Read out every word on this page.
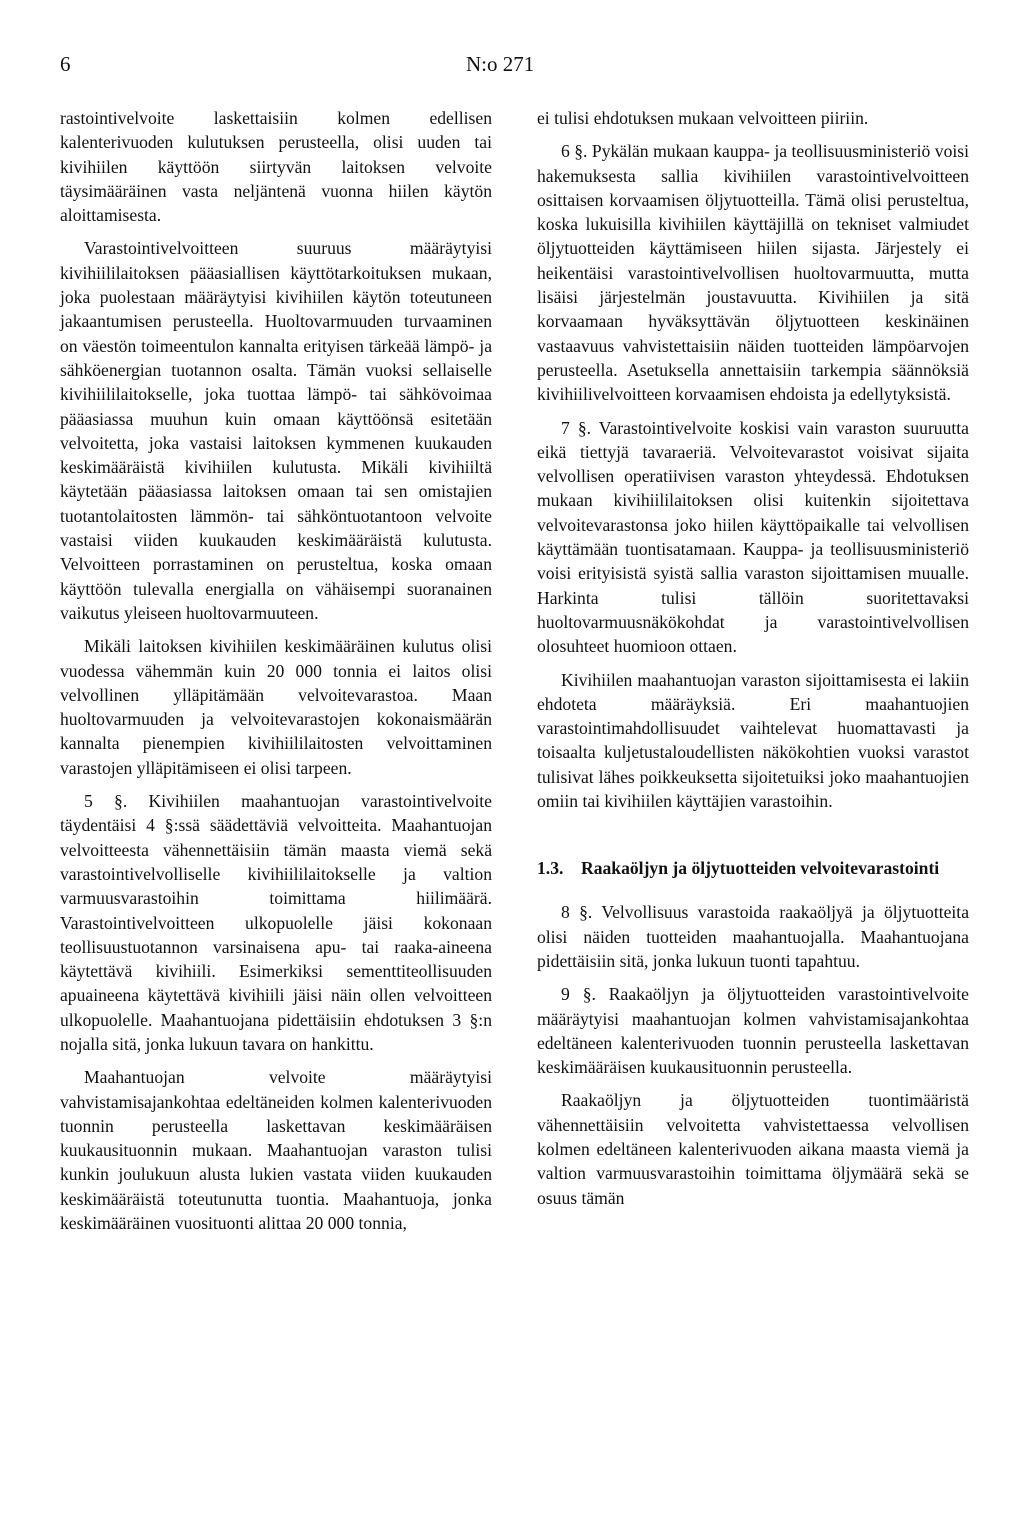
6	N:o 271

rastointivelvoite laskettaisiin kolmen edellisen kalenterivuoden kulutuksen perusteella, olisi uuden tai kivihiilen käyttöön siirtyvän laitoksen velvoite täysimääräinen vasta neljäntenä vuonna hiilen käytön aloittamisesta.

Varastointivelvoitteen suuruus määräytyisi kivihiililaitoksen pääasiallisen käyttötarkoituksen mukaan, joka puolestaan määräytyisi kivihiilen käytön toteutuneen jakaantumisen perusteella. Huoltovarmuuden turvaaminen on väestön toimeentulon kannalta erityisen tärkeää lämpö- ja sähköenergian tuotannon osalta. Tämän vuoksi sellaiselle kivihiililaitokselle, joka tuottaa lämpö- tai sähkövoimaa pääasiassa muuhun kuin omaan käyttöönsä esitetään velvoitetta, joka vastaisi laitoksen kymmenen kuukauden keskimääräistä kivihiilen kulutusta. Mikäli kivihiiltä käytetään pääasiassa laitoksen omaan tai sen omistajien tuotantolaitosten lämmön- tai sähköntuotantoon velvoite vastaisi viiden kuukauden keskimääräistä kulutusta. Velvoitteen porrastaminen on perusteltua, koska omaan käyttöön tulevalla energialla on vähäisempi suoranainen vaikutus yleiseen huoltovarmuuteen.

Mikäli laitoksen kivihiilen keskimääräinen kulutus olisi vuodessa vähemmän kuin 20 000 tonnia ei laitos olisi velvollinen ylläpitämään velvoitevarastoa. Maan huoltovarmuuden ja velvoitevarastojen kokonaismäärän kannalta pienempien kivihiililaitosten velvoittaminen varastojen ylläpitämiseen ei olisi tarpeen.

5 §. Kivihiilen maahantuojan varastointivelvoite täydentäisi 4 §:ssä säädettäviä velvoitteita. Maahantuojan velvoitteesta vähennettäisiin tämän maasta viemä sekä varastointivelvolliselle kivihiililaitokselle ja valtion varmuusvarastoihin toimittama hiilimäärä. Varastointivelvoitteen ulkopuolelle jäisi kokonaan teollisuustuotannon varsinaisena apu- tai raaka-aineena käytettävä kivihiili. Esimerkiksi sementtiteollisuuden apuaineena käytettävä kivihiili jäisi näin ollen velvoitteen ulkopuolelle. Maahantuojana pidettäisiin ehdotuksen 3 §:n nojalla sitä, jonka lukuun tavara on hankittu.

Maahantuojan velvoite määräytyisi vahvistamisajankohtaa edeltäneiden kolmen kalenterivuoden tuonnin perusteella laskettavan keskimääräisen kuukausituonnin mukaan. Maahantuojan varaston tulisi kunkin joulukuun alusta lukien vastata viiden kuukauden keskimääräistä toteutunutta tuontia. Maahantuoja, jonka keskimääräinen vuosituonti alittaa 20 000 tonnia,

ei tulisi ehdotuksen mukaan velvoitteen piiriin.

6 §. Pykälän mukaan kauppa- ja teollisuusministeriö voisi hakemuksesta sallia kivihiilen varastointivelvoitteen osittaisen korvaamisen öljytuotteilla. Tämä olisi perusteltua, koska lukuisilla kivihiilen käyttäjillä on tekniset valmiudet öljytuotteiden käyttämiseen hiilen sijasta. Järjestely ei heikentäisi varastointivelvollisen huoltovarmuutta, mutta lisäisi järjestelmän joustavuutta. Kivihiilen ja sitä korvaamaan hyväksyttävän öljytuotteen keskinäinen vastaavuus vahvistettaisiin näiden tuotteiden lämpöarvojen perusteella. Asetuksella annettaisiin tarkempia säännöksiä kivihiilivelvoitteen korvaamisen ehdoista ja edellytyksistä.

7 §. Varastointivelvoite koskisi vain varaston suuruutta eikä tiettyjä tavaraeriä. Velvoitevarastot voisivat sijaita velvollisen operatiivisen varaston yhteydessä. Ehdotuksen mukaan kivihiililaitoksen olisi kuitenkin sijoitettava velvoitevarastonsa joko hiilen käyttöpaikalle tai velvollisen käyttämään tuontisatamaan. Kauppa- ja teollisuusministeriö voisi erityisistä syistä sallia varaston sijoittamisen muualle. Harkinta tulisi tällöin suoritettavaksi huoltovarmuusnäkökohdat ja varastointivelvollisen olosuhteet huomioon ottaen.

Kivihiilen maahantuojan varaston sijoittamisesta ei lakiin ehdoteta määräyksiä. Eri maahantuojien varastointimahdollisuudet vaihtelevat huomattavasti ja toisaalta kuljetustaloudellisten näkökohtien vuoksi varastot tulisivat lähes poikkeuksetta sijoitetuiksi joko maahantuojien omiin tai kivihiilen käyttäjien varastoihin.

1.3.	Raakaöljyn ja öljytuotteiden velvoitevarastointi

8 §. Velvollisuus varastoida raakaöljyä ja öljytuotteita olisi näiden tuotteiden maahantuojalla. Maahantuojana pidettäisiin sitä, jonka lukuun tuonti tapahtuu.

9 §. Raakaöljyn ja öljytuotteiden varastointivelvoite määräytyisi maahantuojan kolmen vahvistamisajankohtaa edeltäneen kalenterivuoden tuonnin perusteella laskettavan keskimääräisen kuukausituonnin perusteella.

Raakaöljyn ja öljytuotteiden tuontimääristä vähennettäisiin velvoitetta vahvistettaessa velvollisen kolmen edeltäneen kalenterivuoden aikana maasta viemä ja valtion varmuusvarastoihin toimittama öljymäärä sekä se osuus tämän
